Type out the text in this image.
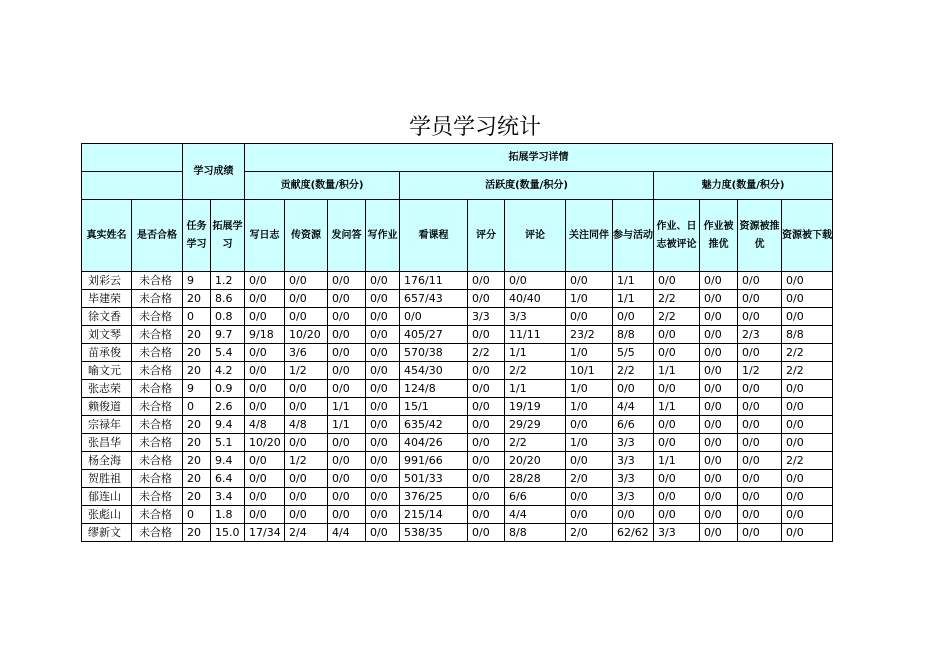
学员学习统计
		学习成绩		拓展学习详情												
				贡献度(数量/积分)				活跃度(数量/积分)					魅力度(数量/积分)			
真实姓名	是否合格	任务学习	拓展学习	写日志	传资源	发问答	写作业	看课程	评分	评论	关注同伴	参与活动	作业、日志被评论	作业被推优	资源被推优	资源被下载
刘彩云	未合格	9	1.2	0/0	0/0	0/0	0/0	176/11	0/0	0/0	0/0	1/1	0/0	0/0	0/0	0/0
毕建荣	未合格	20	8.6	0/0	0/0	0/0	0/0	657/43	0/0	40/40	1/0	1/1	2/2	0/0	0/0	0/0
徐文香	未合格	0	0.8	0/0	0/0	0/0	0/0	0/0	3/3	3/3	0/0	0/0	2/2	0/0	0/0	0/0
刘文琴	未合格	20	9.7	9/18	10/20	0/0	0/0	405/27	0/0	11/11	23/2	8/8	0/0	0/0	2/3	8/8
苗承俊	未合格	20	5.4	0/0	3/6	0/0	0/0	570/38	2/2	1/1	1/0	5/5	0/0	0/0	0/0	2/2
喻文元	未合格	20	4.2	0/0	1/2	0/0	0/0	454/30	0/0	2/2	10/1	2/2	1/1	0/0	1/2	2/2
张志荣	未合格	9	0.9	0/0	0/0	0/0	0/0	124/8	0/0	1/1	1/0	0/0	0/0	0/0	0/0	0/0
赖俊道	未合格	0	2.6	0/0	0/0	1/1	0/0	15/1	0/0	19/19	1/0	4/4	1/1	0/0	0/0	0/0
宗禄年	未合格	20	9.4	4/8	4/8	1/1	0/0	635/42	0/0	29/29	0/0	6/6	0/0	0/0	0/0	0/0
张昌华	未合格	20	5.1	10/20	0/0	0/0	0/0	404/26	0/0	2/2	1/0	3/3	0/0	0/0	0/0	0/0
杨全海	未合格	20	9.4	0/0	1/2	0/0	0/0	991/66	0/0	20/20	0/0	3/3	1/1	0/0	0/0	2/2
贺胜祖	未合格	20	6.4	0/0	0/0	0/0	0/0	501/33	0/0	28/28	2/0	3/3	0/0	0/0	0/0	0/0
郁连山	未合格	20	3.4	0/0	0/0	0/0	0/0	376/25	0/0	6/6	0/0	3/3	0/0	0/0	0/0	0/0
张彪山	未合格	0	1.8	0/0	0/0	0/0	0/0	215/14	0/0	4/4	0/0	0/0	0/0	0/0	0/0	0/0
缪新文	未合格	20	15.0	17/34	2/4	4/4	0/0	538/35	0/0	8/8	2/0	62/62	3/3	0/0	0/0	0/0
